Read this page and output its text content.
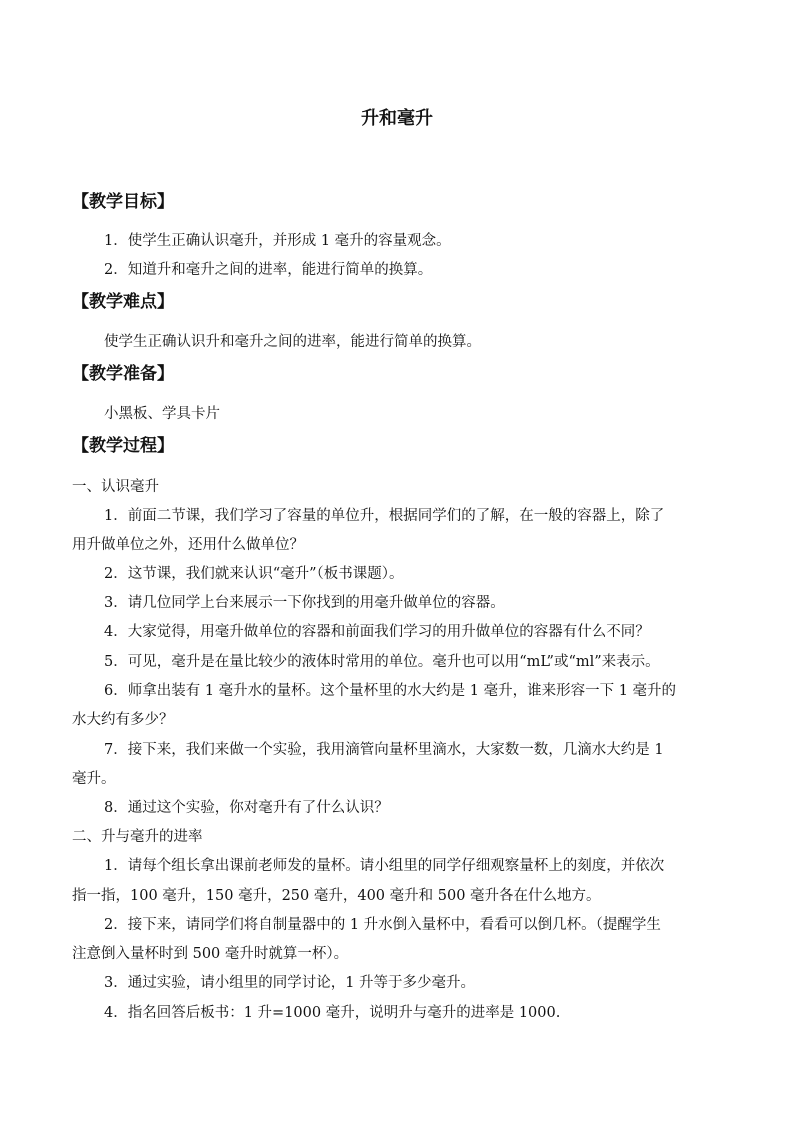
升和毫升
【教学目标】
1．使学生正确认识毫升，并形成 1 毫升的容量观念。
2．知道升和毫升之间的进率，能进行简单的换算。
【教学难点】
使学生正确认识升和毫升之间的进率，能进行简单的换算。
【教学准备】
小黑板、学具卡片
【教学过程】
一、认识毫升
1．前面二节课，我们学习了容量的单位升，根据同学们的了解，在一般的容器上，除了
用升做单位之外，还用什么做单位？
2．这节课，我们就来认识“毫升”（板书课题）。
3．请几位同学上台来展示一下你找到的用毫升做单位的容器。
4．大家觉得，用毫升做单位的容器和前面我们学习的用升做单位的容器有什么不同？
5．可见，毫升是在量比较少的液体时常用的单位。毫升也可以用“mL”或“ml”来表示。
6．师拿出装有 1 毫升水的量杯。这个量杯里的水大约是 1 毫升，谁来形容一下 1 毫升的
水大约有多少？
7．接下来，我们来做一个实验，我用滴管向量杯里滴水，大家数一数，几滴水大约是 1
毫升。
8．通过这个实验，你对毫升有了什么认识？
二、升与毫升的进率
1．请每个组长拿出课前老师发的量杯。请小组里的同学仔细观察量杯上的刻度，并依次
指一指，100 毫升，150 毫升，250 毫升，400 毫升和 500 毫升各在什么地方。
2．接下来，请同学们将自制量器中的 1 升水倒入量杯中，看看可以倒几杯。（提醒学生
注意倒入量杯时到 500 毫升时就算一杯）。
3．通过实验，请小组里的同学讨论，1 升等于多少毫升。
4．指名回答后板书：1 升=1000 毫升，说明升与毫升的进率是 1000.
